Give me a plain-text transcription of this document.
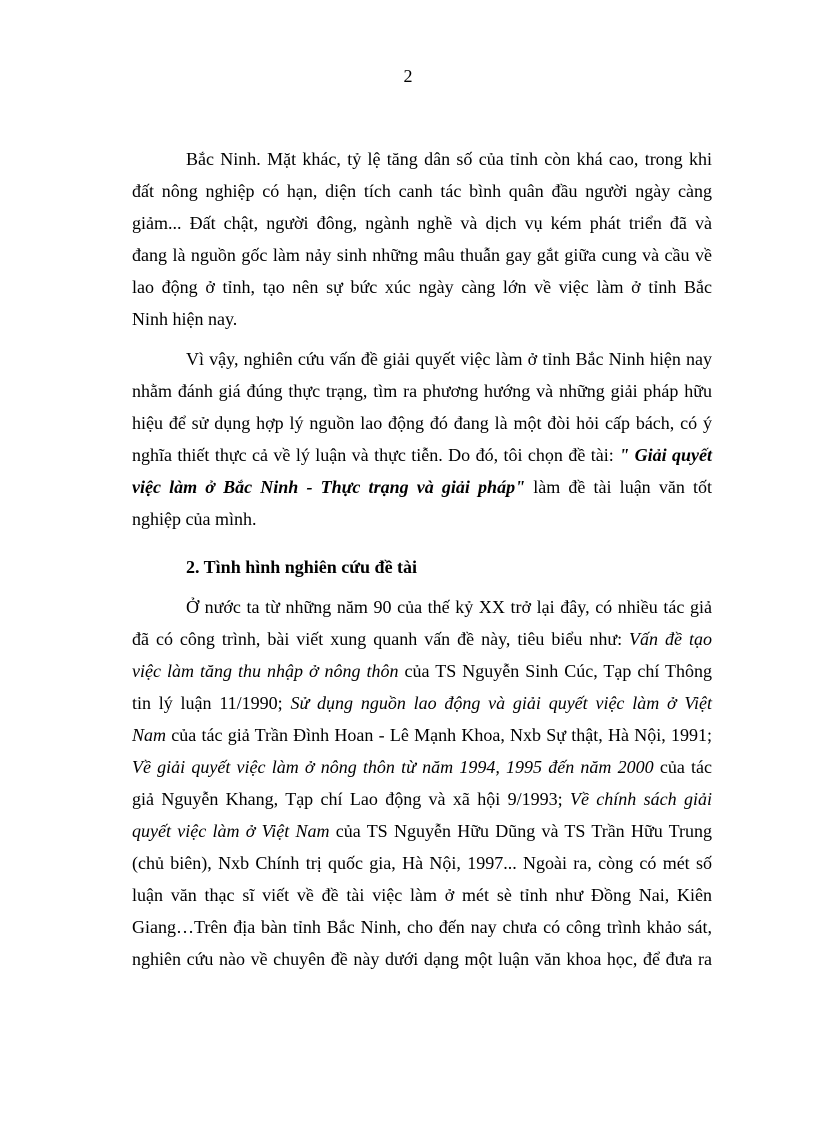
2
Bắc Ninh. Mặt khác, tỷ lệ tăng dân số của tỉnh còn khá cao, trong khi
đất nông nghiệp có hạn, diện tích canh tác bình quân đầu người ngày càng
giảm... Đất chật, người đông, ngành nghề và dịch vụ kém phát triển đã và
đang là nguồn gốc làm nảy sinh những mâu thuẫn gay gắt giữa cung và cầu về
lao động ở tỉnh, tạo nên sự bức xúc ngày càng lớn về việc làm ở tỉnh Bắc
Ninh hiện nay.
Vì vậy, nghiên cứu vấn đề giải quyết việc làm ở tỉnh Bắc Ninh hiện nay
nhằm đánh giá đúng thực trạng, tìm ra phương hướng và những giải pháp hữu
hiệu để sử dụng hợp lý nguồn lao động đó đang là một đòi hỏi cấp bách, có ý
nghĩa thiết thực cả về lý luận và thực tiễn. Do đó, tôi chọn đề tài: " Giải quyết
việc làm ở Bắc Ninh - Thực trạng và giải pháp" làm đề tài luận văn tốt
nghiệp của mình.
2. Tình hình nghiên cứu đề tài
Ở nước ta từ những năm 90 của thế kỷ XX trở lại đây, có nhiều tác giả
đã có công trình, bài viết xung quanh vấn đề này, tiêu biểu như: Vấn đề tạo
việc làm tăng thu nhập ở nông thôn của TS Nguyễn Sinh Cúc, Tạp chí Thông
tin lý luận 11/1990; Sử dụng nguồn lao động và giải quyết việc làm ở Việt
Nam của tác giả Trần Đình Hoan - Lê Mạnh Khoa, Nxb Sự thật, Hà Nội, 1991;
Về giải quyết việc làm ở nông thôn từ năm 1994, 1995 đến năm 2000 của tác
giả Nguyễn Khang, Tạp chí Lao động và xã hội 9/1993; Về chính sách giải
quyết việc làm ở Việt Nam của TS Nguyễn Hữu Dũng và TS Trần Hữu Trung
(chủ biên), Nxb Chính trị quốc gia, Hà Nội, 1997... Ngoài ra, còng có mét số
luận văn thạc sĩ viết về đề tài việc làm ở mét sè tỉnh như Đồng Nai, Kiên
Giang…Trên địa bàn tỉnh Bắc Ninh, cho đến nay chưa có công trình khảo sát,
nghiên cứu nào về chuyên đề này dưới dạng một luận văn khoa học, để đưa ra
